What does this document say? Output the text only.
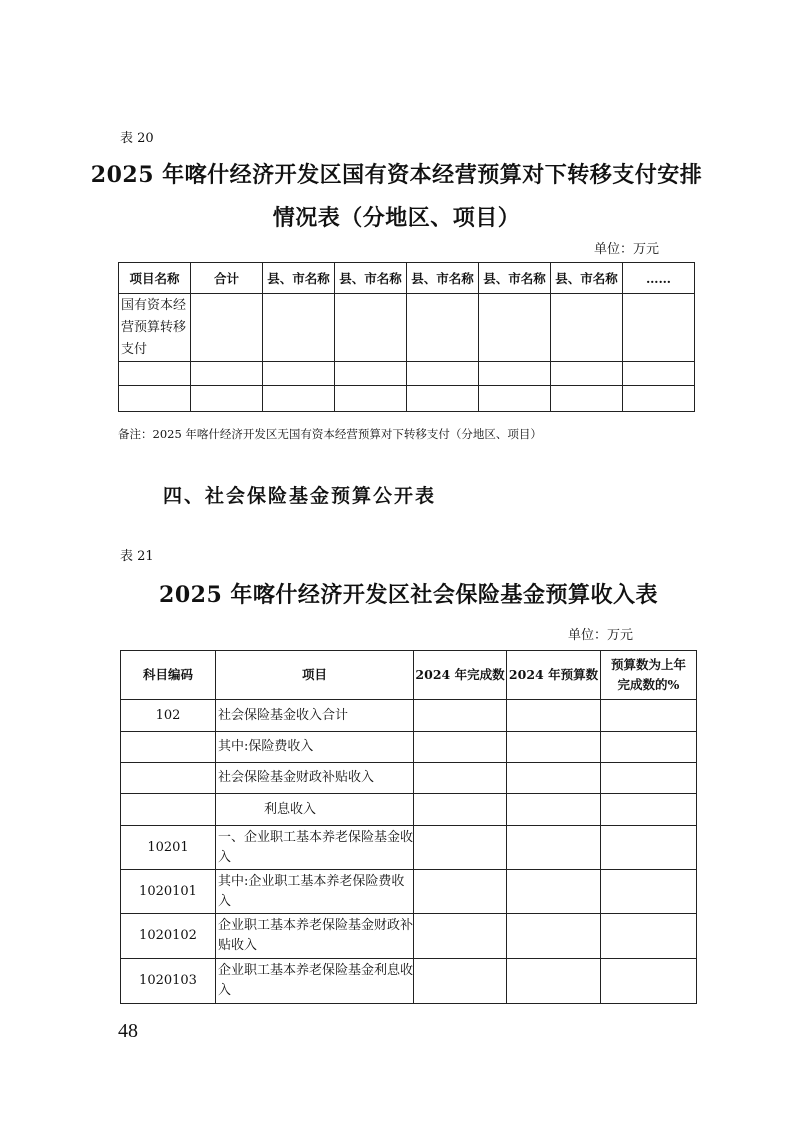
表 20
2025 年喀什经济开发区国有资本经营预算对下转移支付安排
情况表（分地区、项目）
单位：万元
项目名称	合计	县、市名称	县、市名称	县、市名称	县、市名称	县、市名称	……
国有资本经营预算转移支付							

备注：2025 年喀什经济开发区无国有资本经营预算对下转移支付（分地区、项目）
四、社会保险基金预算公开表
表 21
2025 年喀什经济开发区社会保险基金预算收入表
单位：万元
科目编码	项目	2024 年完成数	2024 年预算数	预算数为上年完成数的%
102	社会保险基金收入合计			
	其中:保险费收入			
	社会保险基金财政补贴收入			
	利息收入			
10201	一、企业职工基本养老保险基金收入			
1020101	其中:企业职工基本养老保险费收入			
1020102	企业职工基本养老保险基金财政补贴收入			
1020103	企业职工基本养老保险基金利息收入			
48
